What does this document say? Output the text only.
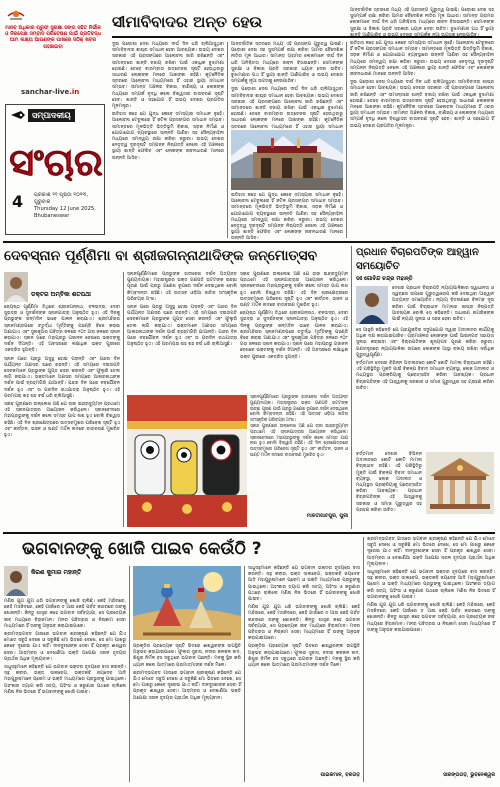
ମାନବ ଅଧିକାର ପ୍ରୁଫ୍ ସୁରକ୍ଷା ସଙ୍ଗ ସହିତ ନିର୍ଭୀକ ଓ ନିରପେକ୍ଷ ସମ୍ବାଦ ପରିବେଷଣ ପାଇଁ ପ୍ରତିବଦ୍ଧ ଆମ ଲକ୍ଷ୍ୟ ଆପଣଙ୍କ ପାଖରେ ସଠିକ୍ ଖବର ପହଞ୍ଚାଇବା
sanchar-live.in
ସମ୍ପାଦକୀୟ
ସଂଚାର
4 ପ୍ରକାଶ ୧୧ ପୃଷ୍ଠା ୧୦୧୩, ଗୁରୁବାର
Thursday 12 June 2025,
Bhubaneswar
ସୀମାବିବାଦର ଅନ୍ତ ହେଉ

ଦୁଇ ପଡ଼ୋଶୀ ଦେଶ ମଧ୍ୟରେ ଦୀର୍ଘ ଦିନ ଧରି ଚାଲିଆସୁଥିବା ସୀମାବିବାଦର ଶୀଘ୍ର ସମାଧାନ ହେବା ଆବଶ୍ୟକ। ଉଭୟ ଦେଶର ସରକାର ଏହି ପ୍ରସଙ୍ଗରେ ଆଲୋଚନା ଜାରି ରଖିଛନ୍ତି ଏବଂ ସୀମାନ୍ତରେ ଶାନ୍ତି ବଜାୟ ରଖିବା ପାଇଁ ଏକାଧିକ ବୁଝାମଣା ହୋଇଛି। ତେବେ ବାରମ୍ବାର ଉତ୍ତେଜନା ସୃଷ୍ଟି ହେଉଥିବାରୁ ସାଧାରଣ ଲୋକଙ୍କ ମନରେ ଆଶଙ୍କା ରହିଛି। କୂଟନୈତିକ ସ୍ତରରେ ଆଲୋଚନା ମାଧ୍ୟମରେ ହିଁ ଏହାର ସ୍ଥାୟୀ ସମାଧାନ ସମ୍ଭବ। ସୀମାନ୍ତ ଅଞ୍ଚଳର ବିକାଶ, ବାଣିଜ୍ୟ ଓ ଲୋକଙ୍କ ମଧ୍ୟରେ ସମ୍ପର୍କ ବୃଦ୍ଧି କଲେ ବିଶ୍ୱାସର ବାତାବରଣ ସୃଷ୍ଟି ହେବ। ଶାନ୍ତି ଓ ସହଯୋଗ ହିଁ ଉଭୟ ଦେଶର ପ୍ରଗତିର ମୂଳମନ୍ତ୍ର।

ଇତିହାସ କହେ ଯେ ଯୁଦ୍ଧ କେବେ ସମସ୍ୟାର ସମାଧାନ ନୁହେଁ। ଆଲୋଚନା ଟେବୁଲରେ ହିଁ ଜଟିଳ ପ୍ରସଙ୍ଗର ସମାଧାନ ସମ୍ଭବ। ସୀମାନ୍ତରେ ମୂଳଭିତ୍ତି ଭିତ୍ତିଭୂମି ବିକାଶ, ସଡ଼କ ନିର୍ମାଣ ଓ ଯୋଗାଯୋଗ ବ୍ୟବସ୍ଥାରେ ଉନ୍ନତି ଆଣିବା ସହ ସୈନ୍ୟବାହିନୀ ମଧ୍ୟରେ ସମନ୍ୱୟ ରକ୍ଷା କରିବା ଜରୁରୀ। ଉଭୟ ଦେଶର ନେତୃତ୍ୱ ଦୂରଦୃଷ୍ଟି ସମ୍ପନ୍ନ ନିଷ୍ପତ୍ତି ନେଲେ ଏହି ଅଞ୍ଚଳରେ ସ୍ଥାୟୀ ଶାନ୍ତି ଫେରିବ ଏବଂ ଲୋକଙ୍କ ଜୀବନଧାରଣ ମାନରେ ଉନ୍ନତି ଆସିବ।

ଆନ୍ତର୍ଜାତିକ ସ୍ତରରେ ମଧ୍ୟ ଏହି ପ୍ରସଙ୍ଗ ଗୁରୁତ୍ୱ ପାଇଛି। ପଡ଼ୋଶୀ ଦେଶ ସହ ସୁସମ୍ପର୍କ ରକ୍ଷା କରିବା ଆମର ବୈଦେଶିକ ନୀତିର ମୂଳ ଆଧାର। ସୀମାନ୍ତ ଗ୍ରାମର ଲୋକମାନେ ଦୀର୍ଘ ଦିନ ଧରି ଅନିଶ୍ଚିତତା ମଧ୍ୟରେ ଜୀବନ ବିତାଉଛନ୍ତି। ସେମାନଙ୍କ ସୁରକ୍ଷା ଓ ବିକାଶ ପ୍ରତି ସରକାର ଧ୍ୟାନ ଦେବା ଉଚିତ। ବୁଝାମଣାର ପଥ ହିଁ ସ୍ଥାୟୀ ଶାନ୍ତି ଆଣିପାରିବ ଓ ଉଭୟ ଦେଶର ସମ୍ପର୍କକୁ ନୂଆ ଉଚ୍ଚତାକୁ ନେଇପାରିବ।

ଦୁଇ ପଡ଼ୋଶୀ ଦେଶ ମଧ୍ୟରେ ଦୀର୍ଘ ଦିନ ଧରି ଚାଲିଆସୁଥିବା ସୀମାବିବାଦର ଶୀଘ୍ର ସମାଧାନ ହେବା ଆବଶ୍ୟକ। ଉଭୟ ଦେଶର ସରକାର ଏହି ପ୍ରସଙ୍ଗରେ ଆଲୋଚନା ଜାରି ରଖିଛନ୍ତି ଏବଂ ସୀମାନ୍ତରେ ଶାନ୍ତି ବଜାୟ ରଖିବା ପାଇଁ ଏକାଧିକ ବୁଝାମଣା ହୋଇଛି। ତେବେ ବାରମ୍ବାର ଉତ୍ତେଜନା ସୃଷ୍ଟି ହେଉଥିବାରୁ ସାଧାରଣ ଲୋକଙ୍କ ମନରେ ଆଶଙ୍କା ରହିଛି। କୂଟନୈତିକ ସ୍ତରରେ ଆଲୋଚନା ମାଧ୍ୟମରେ ହିଁ ଏହାର ସ୍ଥାୟୀ ସମାଧାନ

ଇତିହାସ କହେ ଯେ ଯୁଦ୍ଧ କେବେ ସମସ୍ୟାର ସମାଧାନ ନୁହେଁ। ଆଲୋଚନା ଟେବୁଲରେ ହିଁ ଜଟିଳ ପ୍ରସଙ୍ଗର ସମାଧାନ ସମ୍ଭବ। ସୀମାନ୍ତରେ ମୂଳଭିତ୍ତି ଭିତ୍ତିଭୂମି ବିକାଶ, ସଡ଼କ ନିର୍ମାଣ ଓ ଯୋଗାଯୋଗ ବ୍ୟବସ୍ଥାରେ ଉନ୍ନତି ଆଣିବା ସହ ସୈନ୍ୟବାହିନୀ ମଧ୍ୟରେ ସମନ୍ୱୟ ରକ୍ଷା କରିବା ଜରୁରୀ। ଉଭୟ ଦେଶର ନେତୃତ୍ୱ ଦୂରଦୃଷ୍ଟି ସମ୍ପନ୍ନ ନିଷ୍ପତ୍ତି ନେଲେ ଏହି ଅଞ୍ଚଳରେ ସ୍ଥାୟୀ ଶାନ୍ତି ଫେରିବ ଏବଂ ଲୋକଙ୍କ ଜୀବନଧାରଣ ମାନରେ ଉନ୍ନତି ଆସିବ।

ଆନ୍ତର୍ଜାତିକ ସ୍ତରରେ ମଧ୍ୟ ଏହି ପ୍ରସଙ୍ଗ ଗୁରୁତ୍ୱ ପାଇଛି। ପଡ଼ୋଶୀ ଦେଶ ସହ ସୁସମ୍ପର୍କ ରକ୍ଷା କରିବା ଆମର ବୈଦେଶିକ ନୀତିର ମୂଳ ଆଧାର। ସୀମାନ୍ତ ଗ୍ରାମର ଲୋକମାନେ ଦୀର୍ଘ ଦିନ ଧରି ଅନିଶ୍ଚିତତା ମଧ୍ୟରେ ଜୀବନ ବିତାଉଛନ୍ତି। ସେମାନଙ୍କ ସୁରକ୍ଷା ଓ ବିକାଶ ପ୍ରତି ସରକାର ଧ୍ୟାନ ଦେବା ଉଚିତ। ବୁଝାମଣାର ପଥ ହିଁ ସ୍ଥାୟୀ ଶାନ୍ତି ଆଣିପାରିବ ଓ ଉଭୟ ଦେଶର ସମ୍ପର୍କକୁ ନୂଆ ଉଚ୍ଚତାକୁ ନେଇପାରିବ।

ଇତିହାସ କହେ ଯେ ଯୁଦ୍ଧ କେବେ ସମସ୍ୟାର ସମାଧାନ ନୁହେଁ। ଆଲୋଚନା ଟେବୁଲରେ ହିଁ ଜଟିଳ ପ୍ରସଙ୍ଗର ସମାଧାନ ସମ୍ଭବ। ସୀମାନ୍ତରେ ମୂଳଭିତ୍ତି ଭିତ୍ତିଭୂମି ବିକାଶ, ସଡ଼କ ନିର୍ମାଣ ଓ ଯୋଗାଯୋଗ ବ୍ୟବସ୍ଥାରେ ଉନ୍ନତି ଆଣିବା ସହ ସୈନ୍ୟବାହିନୀ ମଧ୍ୟରେ ସମନ୍ୱୟ ରକ୍ଷା କରିବା ଜରୁରୀ। ଉଭୟ ଦେଶର ନେତୃତ୍ୱ ଦୂରଦୃଷ୍ଟି ସମ୍ପନ୍ନ ନିଷ୍ପତ୍ତି ନେଲେ ଏହି ଅଞ୍ଚଳରେ ସ୍ଥାୟୀ ଶାନ୍ତି ଫେରିବ ଏବଂ ଲୋକଙ୍କ ଜୀବନଧାରଣ ମାନରେ ଉନ୍ନତି ଆସିବ।

ଦୁଇ ପଡ଼ୋଶୀ ଦେଶ ମଧ୍ୟରେ ଦୀର୍ଘ ଦିନ ଧରି ଚାଲିଆସୁଥିବା ସୀମାବିବାଦର ଶୀଘ୍ର ସମାଧାନ ହେବା ଆବଶ୍ୟକ। ଉଭୟ ଦେଶର ସରକାର ଏହି ପ୍ରସଙ୍ଗରେ ଆଲୋଚନା ଜାରି ରଖିଛନ୍ତି ଏବଂ ସୀମାନ୍ତରେ ଶାନ୍ତି ବଜାୟ ରଖିବା ପାଇଁ ଏକାଧିକ ବୁଝାମଣା ହୋଇଛି। ତେବେ ବାରମ୍ବାର ଉତ୍ତେଜନା ସୃଷ୍ଟି ହେଉଥିବାରୁ ସାଧାରଣ ଲୋକଙ୍କ ମନରେ ଆଶଙ୍କା ରହିଛି। କୂଟନୈତିକ ସ୍ତରରେ ଆଲୋଚନା ମାଧ୍ୟମରେ ହିଁ ଏହାର ସ୍ଥାୟୀ ସମାଧାନ ସମ୍ଭବ। ସୀମାନ୍ତ ଅଞ୍ଚଳର ବିକାଶ, ବାଣିଜ୍ୟ ଓ ଲୋକଙ୍କ ମଧ୍ୟରେ ସମ୍ପର୍କ ବୃଦ୍ଧି କଲେ ବିଶ୍ୱାସର ବାତାବରଣ ସୃଷ୍ଟି ହେବ। ଶାନ୍ତି ଓ ସହଯୋଗ ହିଁ ଉଭୟ ଦେଶର ପ୍ରଗତିର ମୂଳମନ୍ତ୍ର।

ଦେବସ୍ନାନ ପୂର୍ଣ୍ଣିମା ବା ଶ୍ରୀଜଗନ୍ନାଥାଦିଙ୍କ ଜନ୍ମୋତ୍ସବ
ଡକ୍ଟର ଅମ୍ବିକା ଶତପଥୀ

ଜ୍ୟେଷ୍ଠ ପୂର୍ଣ୍ଣିମା ତିଥିରେ ଶ୍ରୀଜଗନ୍ନାଥ, ବଳଭଦ୍ର, ଦେବୀ ସୁଭଦ୍ରା ଓ ସୁଦର୍ଶନଙ୍କ ସ୍ନାନଯାତ୍ରା ଅନୁଷ୍ଠିତ ହୁଏ। ଏହି ଦିନକୁ ପ୍ରଭୁଙ୍କ ଜନ୍ମଦିନ ଭାବେ ପାଳନ କରାଯାଏ। ଶ୍ରୀମନ୍ଦିରର ସ୍ନାନମଣ୍ଡପରେ ଚତୁର୍ଦ୍ଧା ମୂର୍ତ୍ତିଙ୍କୁ ପହଣ୍ଡି ବିଜେ କରାଇ ଅଣାଯାଏ ଏବଂ ସୁନାକୂଅର ପବିତ୍ର ଜଳରେ ୧୦୮ ଗରା ଜଳରେ ସ୍ନାନ କରାଯାଏ। ସ୍ନାନ ପରେ ମହାପ୍ରଭୁ ଗଜାନନ ବେଶରେ ଭକ୍ତଙ୍କୁ ଦର୍ଶନ ଦିଅନ୍ତି। ଏହି ଅବସରରେ ଲକ୍ଷାଧିକ ଭକ୍ତ ପୁରୀରେ ଏକତ୍ରିତ ହୁଅନ୍ତି।

ସ୍ନାନ ପରେ ପ୍ରଭୁ ଅସୁସ୍ଥ ହୋଇ ପଡ଼ନ୍ତି ଏବଂ ପନ୍ଦର ଦିନ ପର୍ଯ୍ୟନ୍ତ ଅଣସର ଘରେ ରହନ୍ତି। ଏହି ସମୟରେ ଦଇତାପତି ସେବକମାନେ ପ୍ରଭୁଙ୍କ ଗୁପ୍ତ ସେବା କରନ୍ତି ଏବଂ ଫୁଲୁରି ତେଲ ଲାଗି କରାଯାଏ। ଭକ୍ତମାନେ ଅଣସର ସମୟରେ ଆଲାରନାଥଙ୍କ ଦର୍ଶନ ପାଇଁ ବ୍ରହ୍ମଗିରି ଯାଆନ୍ତି। ପନ୍ଦର ଦିନ ପରେ ନବଯୌବନ ଦର୍ଶନ ହୁଏ ଏବଂ ତା ପରଦିନ ରଥଯାତ୍ରା ଅନୁଷ୍ଠିତ ହୁଏ। ଏହି ପରମ୍ପରା ଶହ ଶହ ବର୍ଷ ଧରି ଚାଲିଆସୁଛି।

ସ୍କନ୍ଦ ପୁରାଣରେ ଉଲ୍ଲେଖ ଅଛି ଯେ ରାଜା ଇନ୍ଦ୍ରଦ୍ୟୁମ୍ନ ପ୍ରଥମେ ଏହି ସ୍ନାନଯାତ୍ରାର ଆୟୋଜନ କରିଥିଲେ। ସ୍ନାନବେଦୀରେ ମହାପ୍ରଭୁଙ୍କୁ ଦର୍ଶନ କଲେ ସମସ୍ତ ପାପ ନାଶ ହୁଏ ବୋଲି ବିଶ୍ୱାସ ରହିଛି। ଏହି ଦିନ ଶ୍ରୀକ୍ଷେତ୍ରରେ ଉତ୍ସବମୁଖର ପରିବେଶ ସୃଷ୍ଟି ହୁଏ ଏବଂ କୀର୍ତ୍ତନ, ଭଜନ ଓ ଘଣ୍ଟ ମର୍ଦ୍ଦଳ ନାଦରେ ବାତାବରଣ ମୁଖରିତ ହୁଏ।

ସ୍ନାନପୂର୍ଣ୍ଣିମାରେ ପ୍ରଭୁଙ୍କ ହାତୀବେଶ ଦର୍ଶନ ଅତ୍ୟନ୍ତ ପୁଣ୍ୟଦାୟକ। ମହାରାଷ୍ଟ୍ରର ଭକ୍ତ ଗଣପତି ଭଟ୍ଟଙ୍କ ଇଚ୍ଛା ପୂରଣ ପାଇଁ ପ୍ରଭୁ ଗଣେଶ ରୂପରେ ଦର୍ଶନ ଦେଇଥିଲେ ବୋଲି କିମ୍ବଦନ୍ତୀ ରହିଛି। ଏହି ଉତ୍ସବ ଓଡ଼ିଆ ଜାତିର ସାଂସ୍କୃତିକ ପରିଚୟର ଅଂଶ।

ସ୍ନାନ ପରେ ପ୍ରଭୁ ଅସୁସ୍ଥ ହୋଇ ପଡ଼ନ୍ତି ଏବଂ ପନ୍ଦର ଦିନ ପର୍ଯ୍ୟନ୍ତ ଅଣସର ଘରେ ରହନ୍ତି। ଏହି ସମୟରେ ଦଇତାପତି ସେବକମାନେ ପ୍ରଭୁଙ୍କ ଗୁପ୍ତ ସେବା କରନ୍ତି ଏବଂ ଫୁଲୁରି ତେଲ ଲାଗି କରାଯାଏ। ଭକ୍ତମାନେ ଅଣସର ସମୟରେ ଆଲାରନାଥଙ୍କ ଦର୍ଶନ ପାଇଁ ବ୍ରହ୍ମଗିରି ଯାଆନ୍ତି। ପନ୍ଦର ଦିନ ପରେ ନବଯୌବନ ଦର୍ଶନ ହୁଏ ଏବଂ ତା ପରଦିନ ରଥଯାତ୍ରା ଅନୁଷ୍ଠିତ ହୁଏ। ଏହି ପରମ୍ପରା ଶହ ଶହ ବର୍ଷ ଧରି ଚାଲିଆସୁଛି।

ସ୍କନ୍ଦ ପୁରାଣରେ ଉଲ୍ଲେଖ ଅଛି ଯେ ରାଜା ଇନ୍ଦ୍ରଦ୍ୟୁମ୍ନ ପ୍ରଥମେ ଏହି ସ୍ନାନଯାତ୍ରାର ଆୟୋଜନ କରିଥିଲେ। ସ୍ନାନବେଦୀରେ ମହାପ୍ରଭୁଙ୍କୁ ଦର୍ଶନ କଲେ ସମସ୍ତ ପାପ ନାଶ ହୁଏ ବୋଲି ବିଶ୍ୱାସ ରହିଛି। ଏହି ଦିନ ଶ୍ରୀକ୍ଷେତ୍ରରେ ଉତ୍ସବମୁଖର ପରିବେଶ ସୃଷ୍ଟି ହୁଏ ଏବଂ କୀର୍ତ୍ତନ, ଭଜନ ଓ ଘଣ୍ଟ ମର୍ଦ୍ଦଳ ନାଦରେ ବାତାବରଣ ମୁଖରିତ ହୁଏ।

ଜ୍ୟେଷ୍ଠ ପୂର୍ଣ୍ଣିମା ତିଥିରେ ଶ୍ରୀଜଗନ୍ନାଥ, ବଳଭଦ୍ର, ଦେବୀ ସୁଭଦ୍ରା ଓ ସୁଦର୍ଶନଙ୍କ ସ୍ନାନଯାତ୍ରା ଅନୁଷ୍ଠିତ ହୁଏ। ଏହି ଦିନକୁ ପ୍ରଭୁଙ୍କ ଜନ୍ମଦିନ ଭାବେ ପାଳନ କରାଯାଏ। ଶ୍ରୀମନ୍ଦିରର ସ୍ନାନମଣ୍ଡପରେ ଚତୁର୍ଦ୍ଧା ମୂର୍ତ୍ତିଙ୍କୁ ପହଣ୍ଡି ବିଜେ କରାଇ ଅଣାଯାଏ ଏବଂ ସୁନାକୂଅର ପବିତ୍ର ଜଳରେ ୧୦୮ ଗରା ଜଳରେ ସ୍ନାନ କରାଯାଏ। ସ୍ନାନ ପରେ ମହାପ୍ରଭୁ ଗଜାନନ ବେଶରେ ଭକ୍ତଙ୍କୁ ଦର୍ଶନ ଦିଅନ୍ତି। ଏହି ଅବସରରେ ଲକ୍ଷାଧିକ ଭକ୍ତ ପୁରୀରେ ଏକତ୍ରିତ ହୁଅନ୍ତି।

ସ୍ନାନପୂର୍ଣ୍ଣିମାରେ ପ୍ରଭୁଙ୍କ ହାତୀବେଶ ଦର୍ଶନ ଅତ୍ୟନ୍ତ ପୁଣ୍ୟଦାୟକ। ମହାରାଷ୍ଟ୍ରର ଭକ୍ତ ଗଣପତି ଭଟ୍ଟଙ୍କ ଇଚ୍ଛା ପୂରଣ ପାଇଁ ପ୍ରଭୁ ଗଣେଶ ରୂପରେ ଦର୍ଶନ ଦେଇଥିଲେ ବୋଲି କିମ୍ବଦନ୍ତୀ ରହିଛି। ଏହି ଉତ୍ସବ ଓଡ଼ିଆ ଜାତିର ସାଂସ୍କୃତିକ ପରିଚୟର ଅଂଶ।

ସ୍କନ୍ଦ ପୁରାଣରେ ଉଲ୍ଲେଖ ଅଛି ଯେ ରାଜା ଇନ୍ଦ୍ରଦ୍ୟୁମ୍ନ ପ୍ରଥମେ ଏହି ସ୍ନାନଯାତ୍ରାର ଆୟୋଜନ କରିଥିଲେ। ସ୍ନାନବେଦୀରେ ମହାପ୍ରଭୁଙ୍କୁ ଦର୍ଶନ କଲେ ସମସ୍ତ ପାପ ନାଶ ହୁଏ ବୋଲି ବିଶ୍ୱାସ ରହିଛି। ଏହି ଦିନ ଶ୍ରୀକ୍ଷେତ୍ରରେ ଉତ୍ସବମୁଖର ପରିବେଶ ସୃଷ୍ଟି ହୁଏ ଏବଂ କୀର୍ତ୍ତନ, ଭଜନ ଓ ଘଣ୍ଟ ମର୍ଦ୍ଦଳ ନାଦରେ ବାତାବରଣ ମୁଖରିତ ହୁଏ।

ମାଳତୀପାଟପୁର, ପୁରୀ
ପ୍ରଧାନ ବିଚାରପତିଙ୍କ ଆହ୍ୱାନ ସମୟୋଚିତ
ଡଃ ଗୋବିନ୍ଦ ଚନ୍ଦ୍ର ମହାନ୍ତି

ଦେଶର ପ୍ରଧାନ ବିଚାରପତି ନ୍ୟାୟପାଳିକାର ସ୍ୱାଧୀନତା ଓ ସ୍ୱଚ୍ଛତା ଉପରେ ଗୁରୁତ୍ୱାରୋପ କରି ଦେଇଥିବା ଆହ୍ୱାନ ଅତ୍ୟନ୍ତ ସମୟୋଚିତ। ନ୍ୟାୟ ବିତରଣରେ ବିଳମ୍ବ ଦୂର କରିବା ପାଇଁ ବିଚାରାଧୀନ ମାମଲାର ଶୀଘ୍ର ନିଷ୍ପତ୍ତି ଆବଶ୍ୟକ ବୋଲି ସେ କହିଛନ୍ତି। ସାଧାରଣ ନାଗରିକଙ୍କ ପାଇଁ ନ୍ୟାୟ ସୁଲଭ ଓ ସହଜ ହେବା ଉଚିତ।

ସେ ଆହୁରି କହିଛନ୍ତି ଯେ ପ୍ରଯୁକ୍ତିର ସଦୁପଯୋଗ ଦ୍ୱାରା ଅଦାଲତର କାର୍ଯ୍ୟକୁ ଅଧିକ ଦକ୍ଷ କରାଯାଇପାରିବ। ଗ୍ରାମାଞ୍ଚଳର ଲୋକଙ୍କ ପାଇଁ ଆଇନଗତ ସହାୟତା ସୁଲଭ କରାଇବା ଏବଂ ବିଚାରପତିଙ୍କ ଶୂନ୍ୟପଦ ପୂରଣ କରିବା ଜରୁରୀ। ଗଣତନ୍ତ୍ରରେ ନ୍ୟାୟପାଳିକା ଉପରେ ଲୋକଙ୍କ ଆସ୍ଥା ବଜାୟ ରଖିବା ସର୍ବାଧିକ ଗୁରୁତ୍ୱପୂର୍ଣ୍ଣ।

ବର୍ତ୍ତମାନ ଦେଶର ବିଭିନ୍ନ ଅଦାଲତରେ କୋଟି କୋଟି ମାମଲା ବିଚାରାଧୀନ ରହିଛି। ଏହି ପରିସ୍ଥିତିରୁ ମୁକ୍ତି ପାଇଁ ବିକଳ୍ପ ବିବାଦ ସମାଧାନ ବ୍ୟବସ୍ଥା, ଲୋକ ଅଦାଲତ ଓ ମଧ୍ୟସ୍ଥତା ପ୍ରକ୍ରିୟାକୁ ପ୍ରୋତ୍ସାହିତ କରିବା ଆବଶ୍ୟକ। ପ୍ରଧାନ ବିଚାରପତିଙ୍କ ଏହି ଆହ୍ୱାନକୁ ସରକାର ଓ ସମାଜ ଗୁରୁତ୍ୱର ସହ ଗ୍ରହଣ କରିବା ଉଚିତ।

ବର୍ତ୍ତମାନ ଦେଶର ବିଭିନ୍ନ ଅଦାଲତରେ କୋଟି କୋଟି ମାମଲା ବିଚାରାଧୀନ ରହିଛି। ଏହି ପରିସ୍ଥିତିରୁ ମୁକ୍ତି ପାଇଁ ବିକଳ୍ପ ବିବାଦ ସମାଧାନ ବ୍ୟବସ୍ଥା, ଲୋକ ଅଦାଲତ ଓ ମଧ୍ୟସ୍ଥତା ପ୍ରକ୍ରିୟାକୁ ପ୍ରୋତ୍ସାହିତ କରିବା ଆବଶ୍ୟକ। ପ୍ରଧାନ ବିଚାରପତିଙ୍କ ଏହି ଆହ୍ୱାନକୁ ସରକାର ଓ ସମାଜ ଗୁରୁତ୍ୱର ସହ ଗ୍ରହଣ କରିବା ଉଚିତ।

ଭଗବାନଙ୍କୁ ଖୋଜି ପାଇବ କେଉଁଠି ?
କିରଣ କୁମାର ମହାନ୍ତି

ମଣିଷ ଯୁଗ ଯୁଗ ଧରି ଭଗବାନଙ୍କୁ ଖୋଜି ଚାଲିଛି। କେହି ମନ୍ଦିରରେ, କେହି ମସଜିଦରେ, କେହି ଗୀର୍ଜାରେ ତ ଆଉ କେହି ପର୍ବତ କନ୍ଦରରେ ତାଙ୍କୁ ଖୋଜନ୍ତି। କିନ୍ତୁ ଶାସ୍ତ୍ର କହେ ଭଗବାନ ସର୍ବବ୍ୟାପୀ, ସେ ପ୍ରତ୍ୟେକ ଜୀବ ମଧ୍ୟରେ ବିରାଜମାନ। ମନର ପବିତ୍ରତା ଓ ନିଷ୍କାମ ସେବା ମାଧ୍ୟମରେ ହିଁ ତାଙ୍କୁ ଅନୁଭବ କରାଯାଇପାରେ।

ଶ୍ରୀମଦ୍ଭଗବତ ଗୀତାରେ ଭଗବାନ ଶ୍ରୀକୃଷ୍ଣ କହିଛନ୍ତି ଯେ ଯିଏ ମୋତେ ସବୁଠି ଦେଖେ ଓ ସବୁକିଛି ମୋ ଭିତରେ ଦେଖେ, ସେ ମୋ ପାଖରୁ କେବେ ଦୂରେଇ ଯାଏ ନାହିଁ। ଦୀନଦୁଃଖୀଙ୍କ ସେବା ହିଁ ପ୍ରକୃତ ଈଶ୍ୱର ସେବା। ଆଡ଼ମ୍ବର ଓ ଦେଖାଣିଆ ଭକ୍ତି ଅପେକ୍ଷା ସରଳ ହୃଦୟର ପ୍ରାର୍ଥନା ଅଧିକ ମୂଲ୍ୟବାନ।

ସାଧୁସନ୍ଥମାନେ କହିଛନ୍ତି ଯେ ଭଗବାନ ଭକ୍ତର ହୃଦୟରେ ବାସ କରନ୍ତି। ସନ୍ଥ କବୀର, ଭକ୍ତ ସାଲବେଗ, ଭକ୍ତକବି ଜୟଦେବ ଆଦି ମହାପୁରୁଷମାନେ ପ୍ରେମ ଓ ଭକ୍ତି ମାଧ୍ୟମରେ ପ୍ରଭୁଙ୍କୁ ପାଇଥିଲେ। ଅହଂକାର ତ୍ୟାଗ କରି ସତ୍ୟ, ଅହିଂସା ଓ କରୁଣାର ପଥରେ ଚାଲିଲେ ମଣିଷ ନିଜ ଭିତରେ ହିଁ ଭଗବାନଙ୍କୁ ଖୋଜି ପାଇବ।

ପ୍ରକୃତିର ପ୍ରତ୍ୟେକ ସୃଷ୍ଟି ଭିତରେ ଈଶ୍ୱରଙ୍କ ଉପସ୍ଥିତି ଅନୁଭବ କରାଯାଇପାରେ। ଫୁଲର ସୁବାସ, ନଦୀର କଳକଳ ନାଦ, ଶିଶୁର ନିର୍ମଳ ହସ ସବୁଥିରେ ଭଗବାନ ଅଛନ୍ତି। ମନକୁ ସ୍ଥିର କରି ଧ୍ୟାନ କଲେ ଆତ୍ମାରେ ପରମାତ୍ମାଙ୍କ ଦର୍ଶନ ମିଳେ।

ଶ୍ରୀମଦ୍ଭଗବତ ଗୀତାରେ ଭଗବାନ ଶ୍ରୀକୃଷ୍ଣ କହିଛନ୍ତି ଯେ ଯିଏ ମୋତେ ସବୁଠି ଦେଖେ ଓ ସବୁକିଛି ମୋ ଭିତରେ ଦେଖେ, ସେ ମୋ ପାଖରୁ କେବେ ଦୂରେଇ ଯାଏ ନାହିଁ। ଦୀନଦୁଃଖୀଙ୍କ ସେବା ହିଁ ପ୍ରକୃତ ଈଶ୍ୱର ସେବା। ଆଡ଼ମ୍ବର ଓ ଦେଖାଣିଆ ଭକ୍ତି ଅପେକ୍ଷା ସରଳ ହୃଦୟର ପ୍ରାର୍ଥନା ଅଧିକ ମୂଲ୍ୟବାନ।

ସାଧୁସନ୍ଥମାନେ କହିଛନ୍ତି ଯେ ଭଗବାନ ଭକ୍ତର ହୃଦୟରେ ବାସ କରନ୍ତି। ସନ୍ଥ କବୀର, ଭକ୍ତ ସାଲବେଗ, ଭକ୍ତକବି ଜୟଦେବ ଆଦି ମହାପୁରୁଷମାନେ ପ୍ରେମ ଓ ଭକ୍ତି ମାଧ୍ୟମରେ ପ୍ରଭୁଙ୍କୁ ପାଇଥିଲେ। ଅହଂକାର ତ୍ୟାଗ କରି ସତ୍ୟ, ଅହିଂସା ଓ କରୁଣାର ପଥରେ ଚାଲିଲେ ମଣିଷ ନିଜ ଭିତରେ ହିଁ ଭଗବାନଙ୍କୁ ଖୋଜି ପାଇବ।

ମଣିଷ ଯୁଗ ଯୁଗ ଧରି ଭଗବାନଙ୍କୁ ଖୋଜି ଚାଲିଛି। କେହି ମନ୍ଦିରରେ, କେହି ମସଜିଦରେ, କେହି ଗୀର୍ଜାରେ ତ ଆଉ କେହି ପର୍ବତ କନ୍ଦରରେ ତାଙ୍କୁ ଖୋଜନ୍ତି। କିନ୍ତୁ ଶାସ୍ତ୍ର କହେ ଭଗବାନ ସର୍ବବ୍ୟାପୀ, ସେ ପ୍ରତ୍ୟେକ ଜୀବ ମଧ୍ୟରେ ବିରାଜମାନ। ମନର ପବିତ୍ରତା ଓ ନିଷ୍କାମ ସେବା ମାଧ୍ୟମରେ ହିଁ ତାଙ୍କୁ ଅନୁଭବ କରାଯାଇପାରେ।

ପ୍ରକୃତିର ପ୍ରତ୍ୟେକ ସୃଷ୍ଟି ଭିତରେ ଈଶ୍ୱରଙ୍କ ଉପସ୍ଥିତି ଅନୁଭବ କରାଯାଇପାରେ। ଫୁଲର ସୁବାସ, ନଦୀର କଳକଳ ନାଦ, ଶିଶୁର ନିର୍ମଳ ହସ ସବୁଥିରେ ଭଗବାନ ଅଛନ୍ତି। ମନକୁ ସ୍ଥିର କରି ଧ୍ୟାନ କଲେ ଆତ୍ମାରେ ପରମାତ୍ମାଙ୍କ ଦର୍ଶନ ମିଳେ।

ପାଇକମାଳ, ବରଗଡ଼

ଶ୍ରୀମଦ୍ଭଗବତ ଗୀତାରେ ଭଗବାନ ଶ୍ରୀକୃଷ୍ଣ କହିଛନ୍ତି ଯେ ଯିଏ ମୋତେ ସବୁଠି ଦେଖେ ଓ ସବୁକିଛି ମୋ ଭିତରେ ଦେଖେ, ସେ ମୋ ପାଖରୁ କେବେ ଦୂରେଇ ଯାଏ ନାହିଁ। ଦୀନଦୁଃଖୀଙ୍କ ସେବା ହିଁ ପ୍ରକୃତ ଈଶ୍ୱର ସେବା। ଆଡ଼ମ୍ବର ଓ ଦେଖାଣିଆ ଭକ୍ତି ଅପେକ୍ଷା ସରଳ ହୃଦୟର ପ୍ରାର୍ଥନା ଅଧିକ ମୂଲ୍ୟବାନ।

ସାଧୁସନ୍ଥମାନେ କହିଛନ୍ତି ଯେ ଭଗବାନ ଭକ୍ତର ହୃଦୟରେ ବାସ କରନ୍ତି। ସନ୍ଥ କବୀର, ଭକ୍ତ ସାଲବେଗ, ଭକ୍ତକବି ଜୟଦେବ ଆଦି ମହାପୁରୁଷମାନେ ପ୍ରେମ ଓ ଭକ୍ତି ମାଧ୍ୟମରେ ପ୍ରଭୁଙ୍କୁ ପାଇଥିଲେ। ଅହଂକାର ତ୍ୟାଗ କରି ସତ୍ୟ, ଅହିଂସା ଓ କରୁଣାର ପଥରେ ଚାଲିଲେ ମଣିଷ ନିଜ ଭିତରେ ହିଁ ଭଗବାନଙ୍କୁ ଖୋଜି ପାଇବ।

ମଣିଷ ଯୁଗ ଯୁଗ ଧରି ଭଗବାନଙ୍କୁ ଖୋଜି ଚାଲିଛି। କେହି ମନ୍ଦିରରେ, କେହି ମସଜିଦରେ, କେହି ଗୀର୍ଜାରେ ତ ଆଉ କେହି ପର୍ବତ କନ୍ଦରରେ ତାଙ୍କୁ ଖୋଜନ୍ତି। କିନ୍ତୁ ଶାସ୍ତ୍ର କହେ ଭଗବାନ ସର୍ବବ୍ୟାପୀ, ସେ ପ୍ରତ୍ୟେକ ଜୀବ ମଧ୍ୟରେ ବିରାଜମାନ। ମନର ପବିତ୍ରତା ଓ ନିଷ୍କାମ ସେବା ମାଧ୍ୟମରେ ହିଁ ତାଙ୍କୁ ଅନୁଭବ କରାଯାଇପାରେ।

ସାରଙ୍ଗଗଡ଼, ଭୁବନେଶ୍ୱର
